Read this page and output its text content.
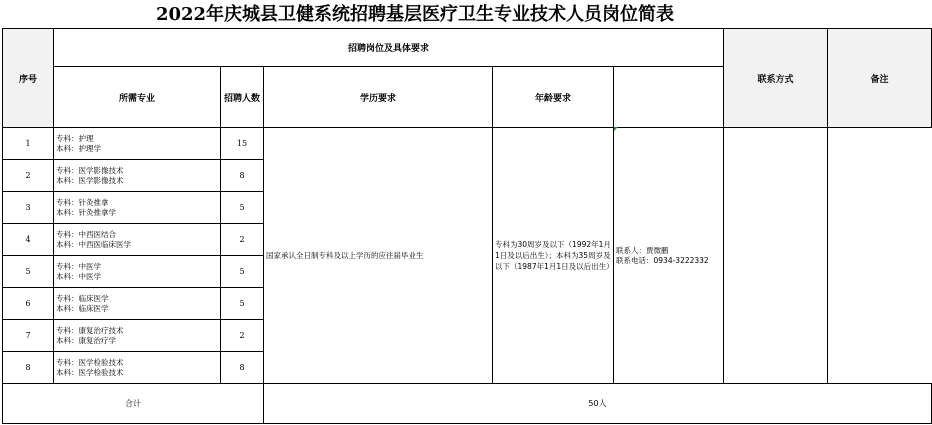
2022年庆城县卫健系统招聘基层医疗卫生专业技术人员岗位简表
序号	招聘岗位及具体要求					联系方式	备注
	所需专业	招聘人数	学历要求	年龄要求			
1	专科：护理
本科：护理学	15	国家承认全日制专科及以上学历的应往届毕业生	专科为30周岁及以下（1992年1月1日及以后出生）；本科为35周岁及以下（1987年1月1日及以后出生）	联系人：贾微鹏
联系电话：0934-3222332		

2	专科：医学影像技术
本科：医学影像技术	8					
3	专科：针灸推拿
本科：针灸推拿学	5					
4	专科：中西医结合
本科：中西医临床医学	2					
5	专科：中医学
本科：中医学	5					
6	专科：临床医学
本科：临床医学	5					
7	专科：康复治疗技术
本科：康复治疗学	2					
8	专科：医学检验技术
本科：医学检验技术	8					
合计			50人				
